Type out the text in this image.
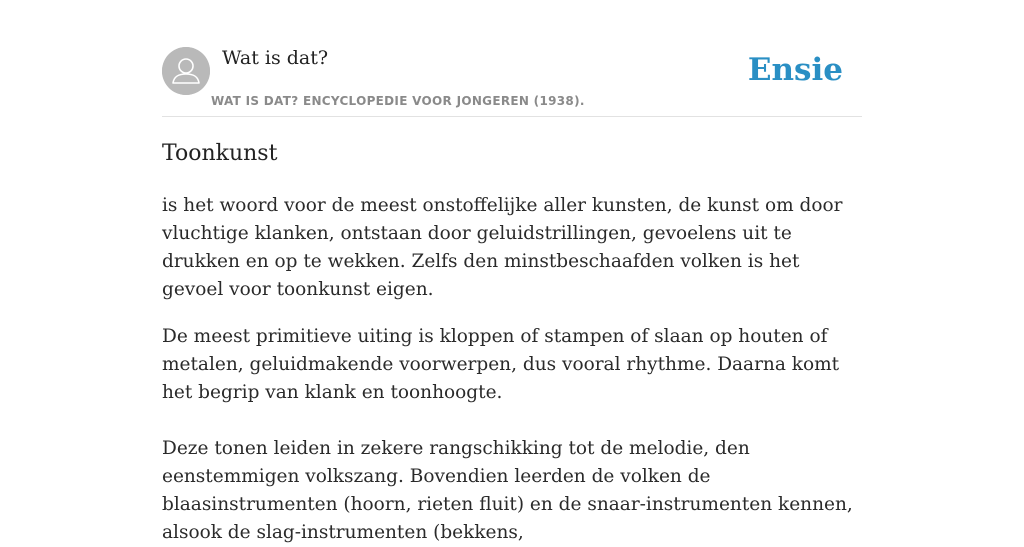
Wat is dat?
WAT IS DAT? ENCYCLOPEDIE VOOR JONGEREN (1938).
Ensie
Toonkunst

is het woord voor de meest onstoffelijke aller kunsten, de kunst om door vluchtige klanken, ontstaan door geluidstrillingen, gevoelens uit te drukken en op te wekken. Zelfs den minstbeschaafden volken is het gevoel voor toonkunst eigen.

De meest primitieve uiting is kloppen of stampen of slaan op houten of metalen, geluidmakende voorwerpen, dus vooral rhythme. Daarna komt het begrip van klank en toonhoogte.

Deze tonen leiden in zekere rangschikking tot de melodie, den eenstemmigen volkszang. Bovendien leerden de volken de blaasinstrumenten (hoorn, rieten fluit) en de snaar-instrumenten kennen, alsook de slag-instrumenten (bekkens,
